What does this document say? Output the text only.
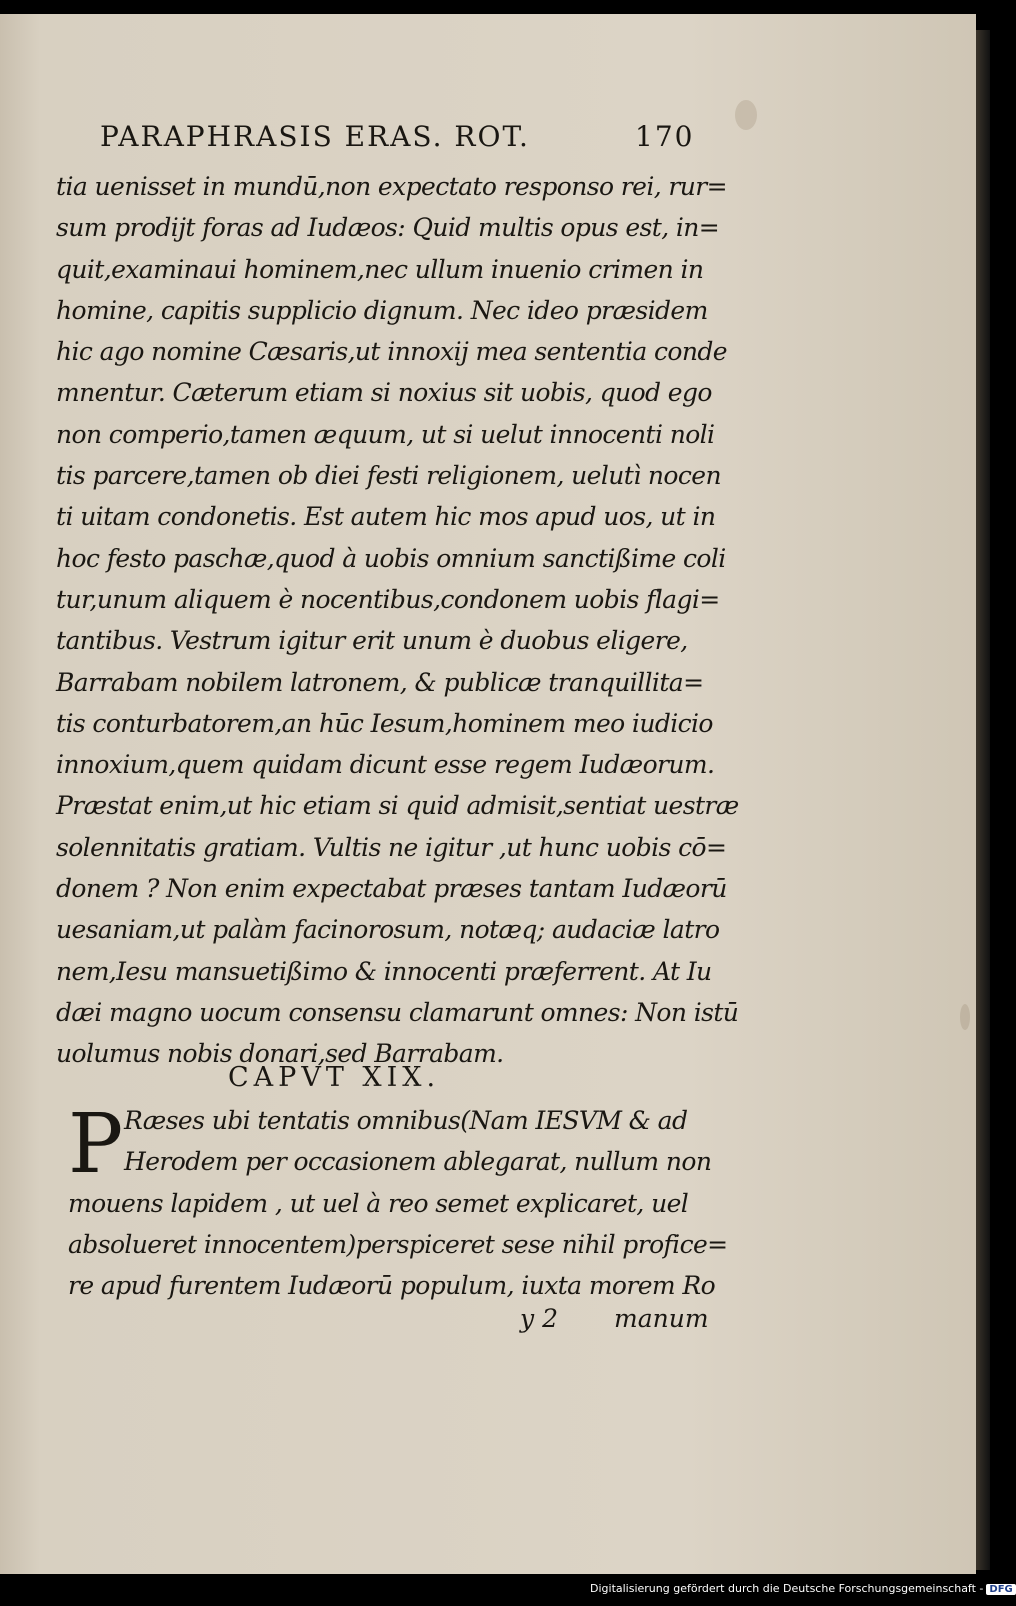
PARAPHRASIS ERAS. ROT.	170
tia uenisset in mundū,non expectato responso rei, rur=
sum prodijt foras ad Iudæos: Quid multis opus est, in=
quit,examinaui hominem,nec ullum inuenio crimen in
homine, capitis supplicio dignum. Nec ideo præsidem
hic ago nomine Cæsaris,ut innoxij mea sententia conde
mnentur. Cæterum etiam si noxius sit uobis, quod ego
non comperio,tamen æquum, ut si uelut innocenti noli
tis parcere,tamen ob diei festi religionem, uelutì nocen
ti uitam condonetis. Est autem hic mos apud uos, ut in
hoc festo paschæ,quod à uobis omnium sanctißime coli
tur,unum aliquem è nocentibus,condonem uobis flagi=
tantibus. Vestrum igitur erit unum è duobus eligere,
Barrabam nobilem latronem, & publicæ tranquillita=
tis conturbatorem,an hūc Iesum,hominem meo iudicio
innoxium,quem quidam dicunt esse regem Iudæorum.
Præstat enim,ut hic etiam si quid admisit,sentiat uestræ
solennitatis gratiam. Vultis ne igitur ,ut hunc uobis cō=
donem ? Non enim expectabat præses tantam Iudæorū
uesaniam,ut palàm facinorosum, notæq; audaciæ latro
nem,Iesu mansuetißimo & innocenti præferrent. At Iu
dæi magno uocum consensu clamarunt omnes: Non istū
uolumus nobis donari,sed Barrabam.
CAPVT XIX.
P Ræses ubi tentatis omnibus(Nam IESVM & ad
Herodem per occasionem ablegarat, nullum non
mouens lapidem , ut uel à reo semet explicaret, uel
absolueret innocentem)perspiceret sese nihil profice=
re apud furentem Iudæorū populum, iuxta morem Ro
y 2 manum
Digitalisierung gefördert durch die Deutsche Forschungsgemeinschaft - DFG
